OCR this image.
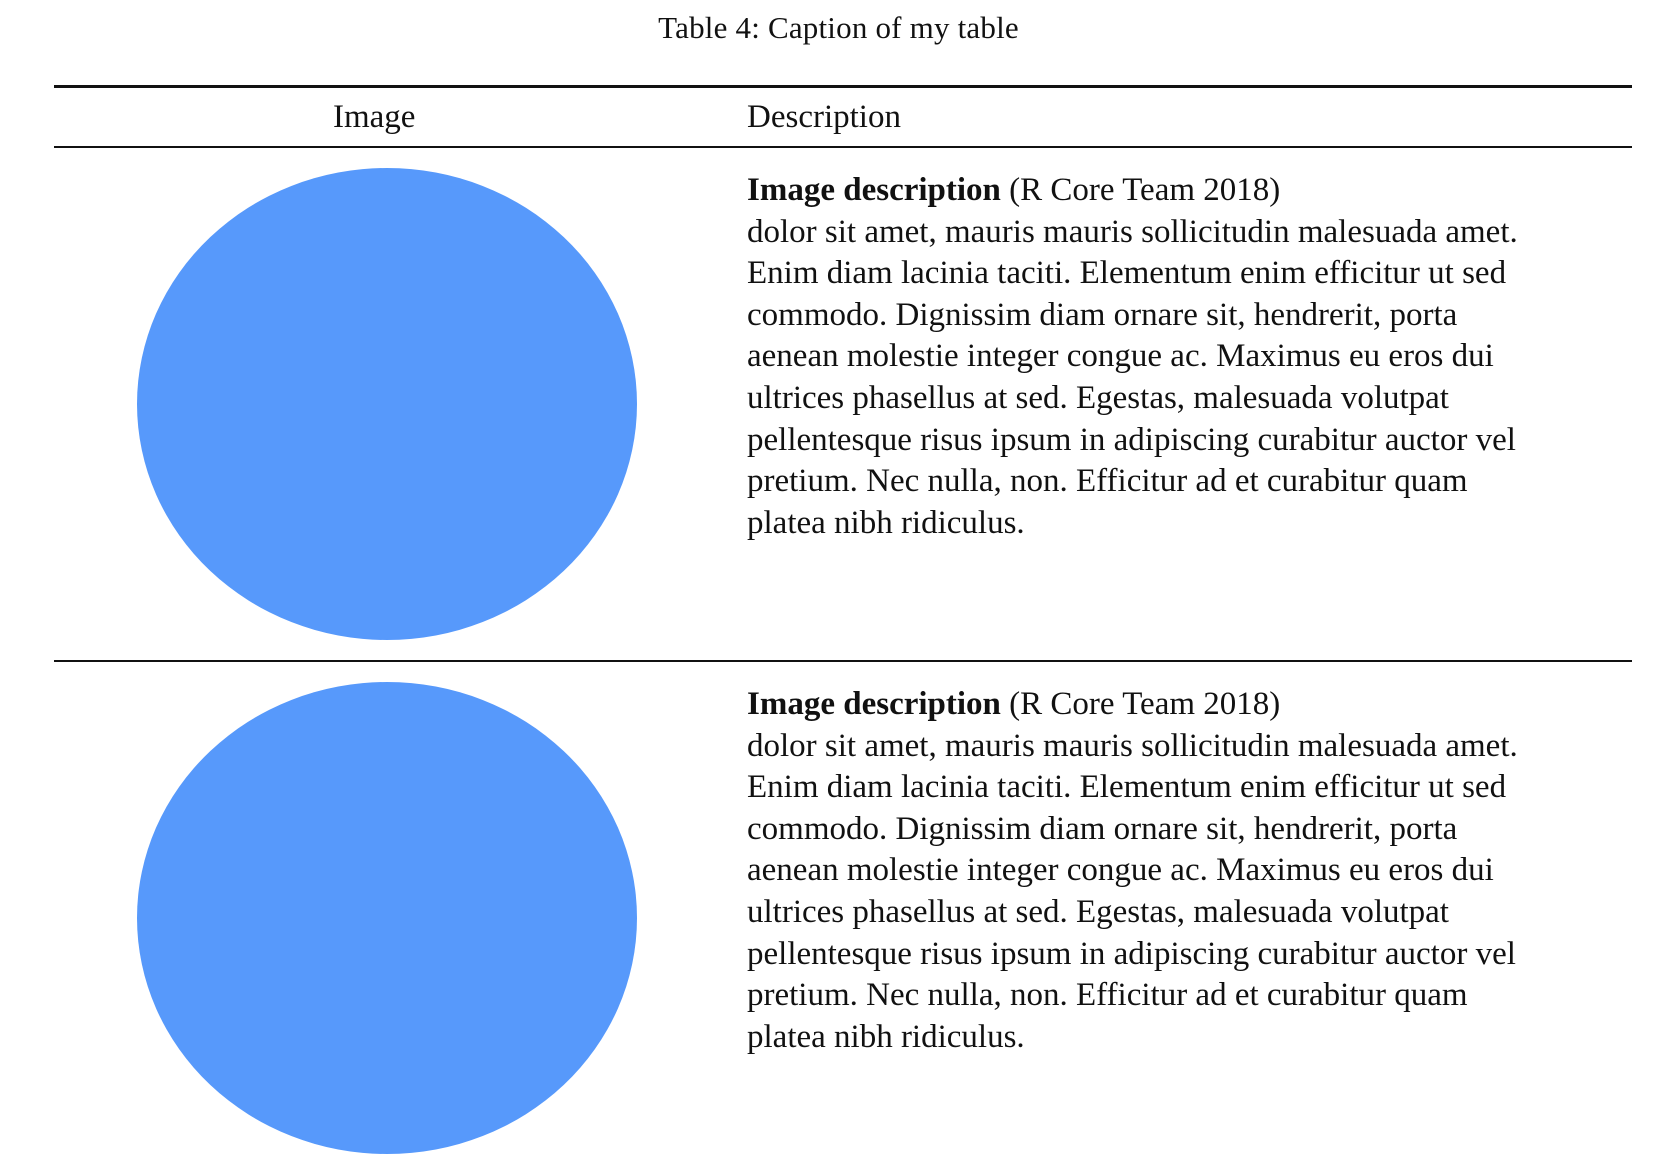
Table 4: Caption of my table
Image	Description
Image description (R Core Team 2018)
dolor sit amet, mauris mauris sollicitudin malesuada amet.
Enim diam lacinia taciti. Elementum enim efficitur ut sed
commodo. Dignissim diam ornare sit, hendrerit, porta
aenean molestie integer congue ac. Maximus eu eros dui
ultrices phasellus at sed. Egestas, malesuada volutpat
pellentesque risus ipsum in adipiscing curabitur auctor vel
pretium. Nec nulla, non. Efficitur ad et curabitur quam
platea nibh ridiculus.
Image description (R Core Team 2018)
dolor sit amet, mauris mauris sollicitudin malesuada amet.
Enim diam lacinia taciti. Elementum enim efficitur ut sed
commodo. Dignissim diam ornare sit, hendrerit, porta
aenean molestie integer congue ac. Maximus eu eros dui
ultrices phasellus at sed. Egestas, malesuada volutpat
pellentesque risus ipsum in adipiscing curabitur auctor vel
pretium. Nec nulla, non. Efficitur ad et curabitur quam
platea nibh ridiculus.
